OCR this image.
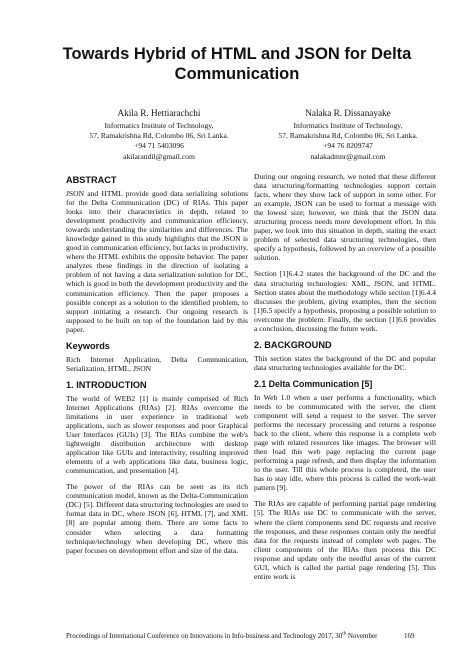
Towards Hybrid of HTML and JSON for Delta Communication
Akila R. Hettiarachchi
Informatics Institute of Technology,
57, Ramakrishna Rd, Colombo 06, Sri Lanka.
+94 71 5403096
akilarandil@gmail.com
Nalaka R. Dissanayake
Informatics Institute of Technology,
57, Ramakrishna Rd, Colombo 06, Sri Lanka.
+94 76 8209747
nalakadmnr@gmail.com
ABSTRACT

JSON and HTML provide good data serializing solutions for the Delta Communication (DC) of RIAs. This paper looks into their characteristics in depth, related to development productivity and communication efficiency, towards understanding the similarities and differences. The knowledge gained in this study highlights that the JSON is good in communication efficiency, but lacks in productivity, where the HTML exhibits the opposite behavior. The paper analyzes these findings in the direction of isolating a problem of not having a data serialization solution for DC, which is good in both the development productivity and the communication efficiency. Then the paper proposes a possible concept as a solution to the identified problem, to support initiating a research. Our ongoing research is supposed to be built on top of the foundation laid by this paper.

Keywords

Rich Internet Application, Delta Communication, Serialization, HTML, JSON

1. INTRODUCTION

The world of WEB2 [1] is mainly comprised of Rich Internet Applications (RIAs) [2]. RIAs overcome the limitations in user experience in traditional web applications, such as slower responses and poor Graphical User Interfaces (GUIs) [3]. The RIAs combine the web's lightweight distribution architecture with desktop application like GUIs and interactivity, resulting improved elements of a web applications like data, business logic, communication, and presentation [4].

The power of the RIAs can be seen as its rich communication model, known as the Delta-Communication (DC) [5]. Different data structuring technologies are used to format data in DC, where JSON [6], HTML [7], and XML [8] are popular among them. There are some facts to consider when selecting a data formatting technique/technology when developing DC, where this paper focuses on development effort and size of the data.

During our ongoing research, we noted that these different data structuring/formatting technologies support certain facts, where they show lack of support in some other. For an example, JSON can be used to format a message with the lowest size; however, we think that the JSON data structuring process needs more development effort. In this paper, we look into this situation in depth, stating the exact problem of selected data structuring technologies, then specify a hypothesis, followed by an overview of a possible solution.

Section [1]6.4.2 states the background of the DC and the data structuring technologies: XML, JSON, and HTML. Section states about the methodology while section [1]6.4.4 discusses the problem, giving examples, then the section [1]6.5 specify a hypothesis, proposing a possible solution to overcome the problem. Finally, the section [1]6.6 provides a conclusion, discussing the future work.

2. BACKGROUND

This section states the background of the DC and popular data structuring technologies available for the DC.

2.1 Delta Communication [5]

In Web 1.0 when a user performs a functionality, which needs to be communicated with the server, the client component will send a request to the server. The server performs the necessary processing and returns a response back to the client, where this response is a complete web page with related resources like images. The browser will then load this web page replacing the current page performing a page refresh, and then display the information to the user. Till this whole process is completed, the user has to stay idle, where this process is called the work-wait pattern [9].

The RIAs are capable of performing partial page rendering [5]. The RIAs use DC to communicate with the server, where the client components send DC requests and receive the responses, and these responses contain only the needful data for the requests instead of complete web pages. The client components of the RIAs then process this DC response and update only the needful areas of the current GUI, which is called the partial page rendering [5]. This entire work is

Proceedings of International Conference on Innovations in Info-business and Technology 2017, 30th November	169
